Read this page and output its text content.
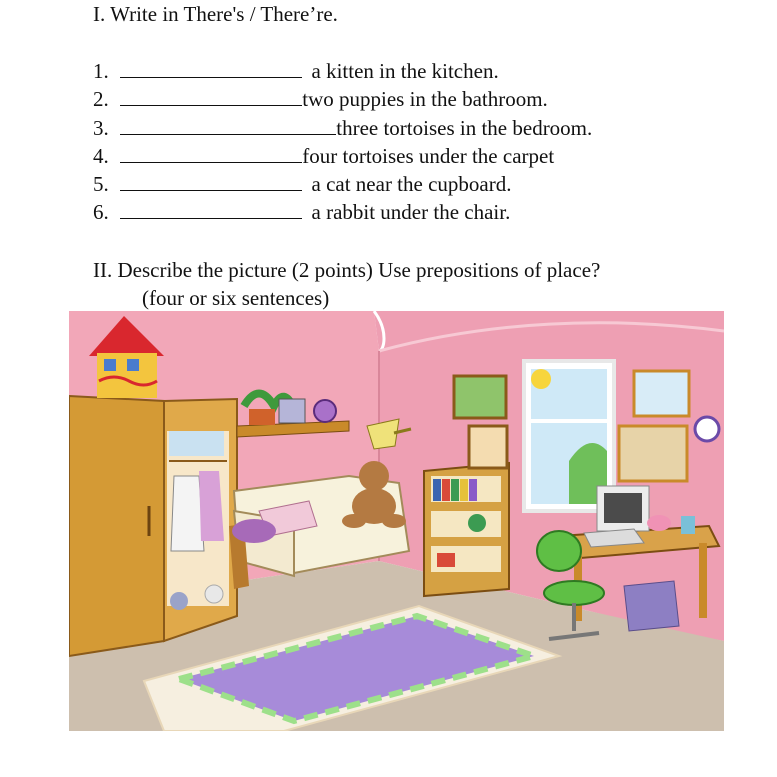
I. Write in There's / There’re.
1.	a kitten in the kitchen.
2.	two puppies in the bathroom.
3.	three tortoises in the bedroom.
4.	four tortoises under the carpet
5.	a cat near the cupboard.
6.	a rabbit under the chair.
II. Describe the picture (2 points) Use prepositions of place?
(four or six sentences)
